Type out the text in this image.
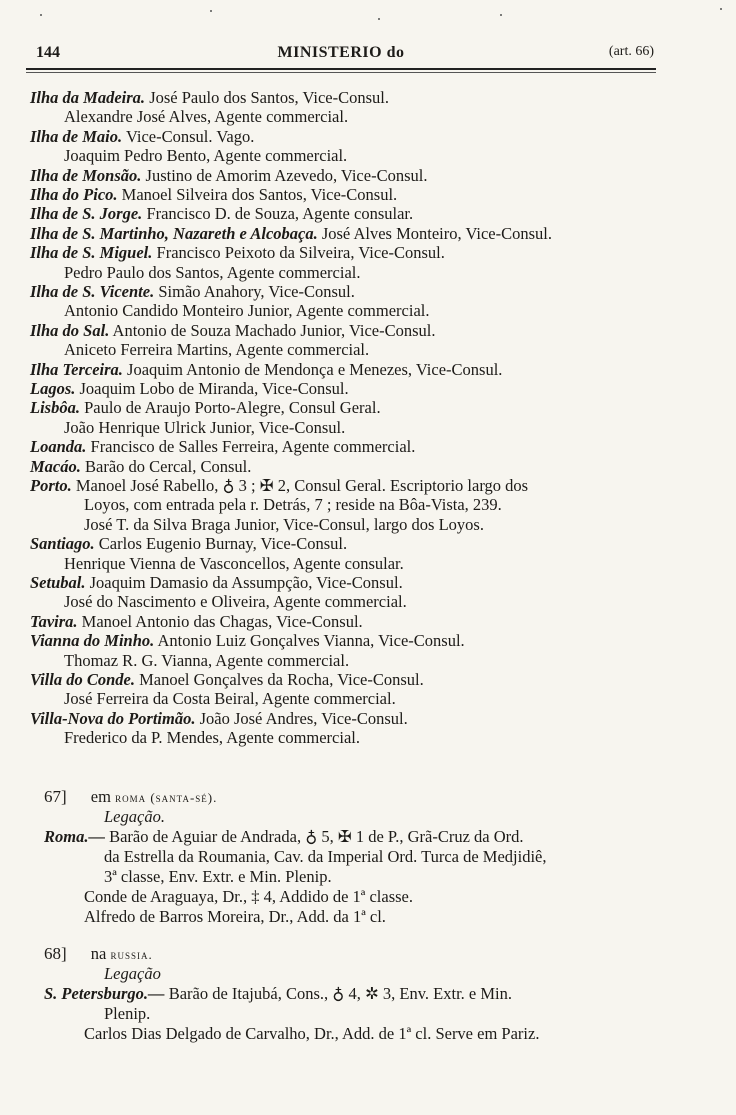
144	MINISTERIO do	(art. 66)
Ilha da Madeira. José Paulo dos Santos, Vice-Consul.
Alexandre José Alves, Agente commercial.
Ilha de Maio. Vice-Consul. Vago.
Joaquim Pedro Bento, Agente commercial.
Ilha de Monsão. Justino de Amorim Azevedo, Vice-Consul.
Ilha do Pico. Manoel Silveira dos Santos, Vice-Consul.
Ilha de S. Jorge. Francisco D. de Souza, Agente consular.
Ilha de S. Martinho, Nazareth e Alcobaça. José Alves Monteiro, Vice-Consul.
Ilha de S. Miguel. Francisco Peixoto da Silveira, Vice-Consul.
Pedro Paulo dos Santos, Agente commercial.
Ilha de S. Vicente. Simão Anahory, Vice-Consul.
Antonio Candido Monteiro Junior, Agente commercial.
Ilha do Sal. Antonio de Souza Machado Junior, Vice-Consul.
Aniceto Ferreira Martins, Agente commercial.
Ilha Terceira. Joaquim Antonio de Mendonça e Menezes, Vice-Consul.
Lagos. Joaquim Lobo de Miranda, Vice-Consul.
Lisbôa. Paulo de Araujo Porto-Alegre, Consul Geral.
João Henrique Ulrick Junior, Vice-Consul.
Loanda. Francisco de Salles Ferreira, Agente commercial.
Macáo. Barão do Cercal, Consul.
Porto. Manoel José Rabello, ♁ 3 ; ✠ 2, Consul Geral. Escriptorio largo dos
Loyos, com entrada pela r. Detrás, 7 ; reside na Bôa-Vista, 239.
José T. da Silva Braga Junior, Vice-Consul, largo dos Loyos.
Santiago. Carlos Eugenio Burnay, Vice-Consul.
Henrique Vienna de Vasconcellos, Agente consular.
Setubal. Joaquim Damasio da Assumpção, Vice-Consul.
José do Nascimento e Oliveira, Agente commercial.
Tavira. Manoel Antonio das Chagas, Vice-Consul.
Vianna do Minho. Antonio Luiz Gonçalves Vianna, Vice-Consul.
Thomaz R. G. Vianna, Agente commercial.
Villa do Conde. Manoel Gonçalves da Rocha, Vice-Consul.
José Ferreira da Costa Beiral, Agente commercial.
Villa-Nova do Portimão. João José Andres, Vice-Consul.
Frederico da P. Mendes, Agente commercial.
67] em roma (santa-sé).
Legação.
Roma.— Barão de Aguiar de Andrada, ♁ 5, ✠ 1 de P., Grã-Cruz da Ord.
da Estrella da Roumania, Cav. da Imperial Ord. Turca de Medjidiê,
3ª classe, Env. Extr. e Min. Plenip.
Conde de Araguaya, Dr., ‡ 4, Addido de 1ª classe.
Alfredo de Barros Moreira, Dr., Add. da 1ª cl.
68] na russia.
Legação
S. Petersburgo.— Barão de Itajubá, Cons., ♁ 4, ✲ 3, Env. Extr. e Min.
Plenip.
Carlos Dias Delgado de Carvalho, Dr., Add. de 1ª cl. Serve em Pariz.
